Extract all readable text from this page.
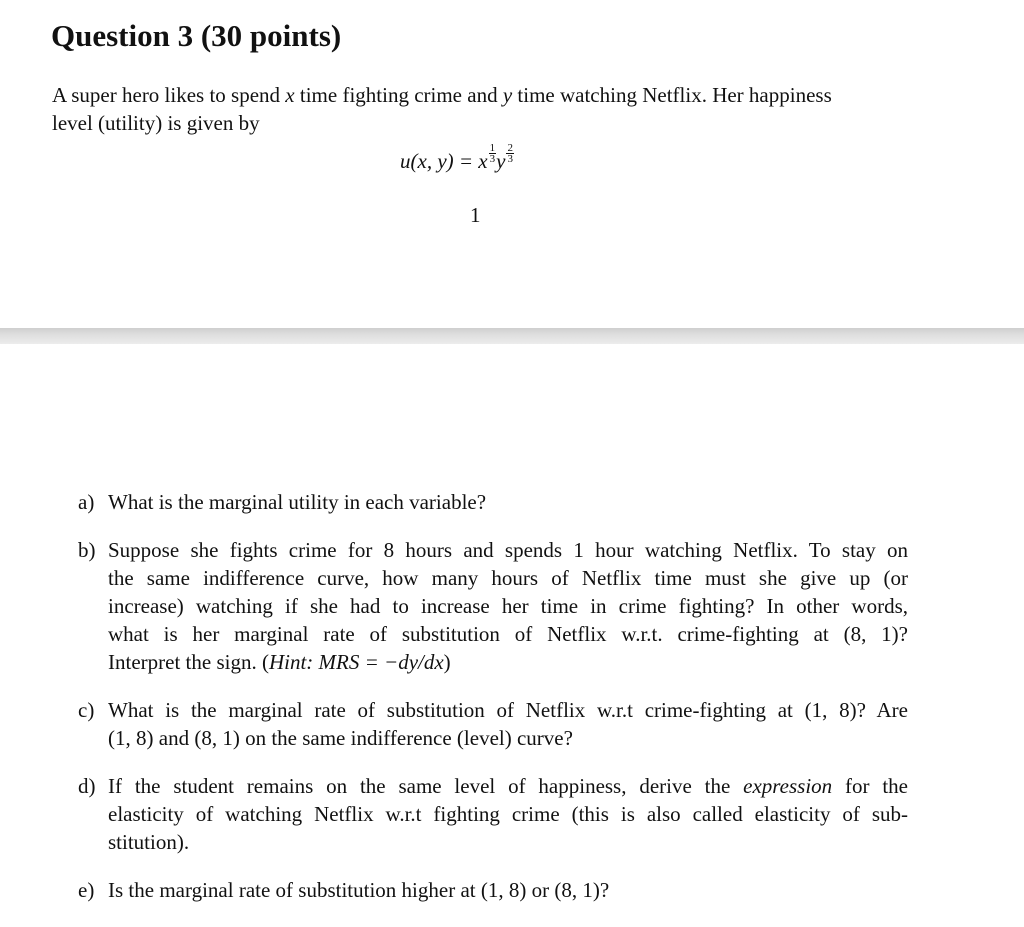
Question 3 (30 points)

A super hero likes to spend x time fighting crime and y time watching Netflix. Her happiness
level (utility) is given by

u(x, y) = x $\frac{1}{3}$ y $\frac{2}{3}$
1
a) What is the marginal utility in each variable?
b) Suppose she fights crime for 8 hours and spends 1 hour watching Netflix. To stay on
the same indifference curve, how many hours of Netflix time must she give up (or
increase) watching if she had to increase her time in crime fighting? In other words,
what is her marginal rate of substitution of Netflix w.r.t. crime-fighting at (8, 1)?
Interpret the sign. (Hint: MRS = −dy/dx)
c) What is the marginal rate of substitution of Netflix w.r.t crime-fighting at (1, 8)? Are
(1, 8) and (8, 1) on the same indifference (level) curve?
d) If the student remains on the same level of happiness, derive the expression for the
elasticity of watching Netflix w.r.t fighting crime (this is also called elasticity of sub-
stitution).
e) Is the marginal rate of substitution higher at (1, 8) or (8, 1)?
